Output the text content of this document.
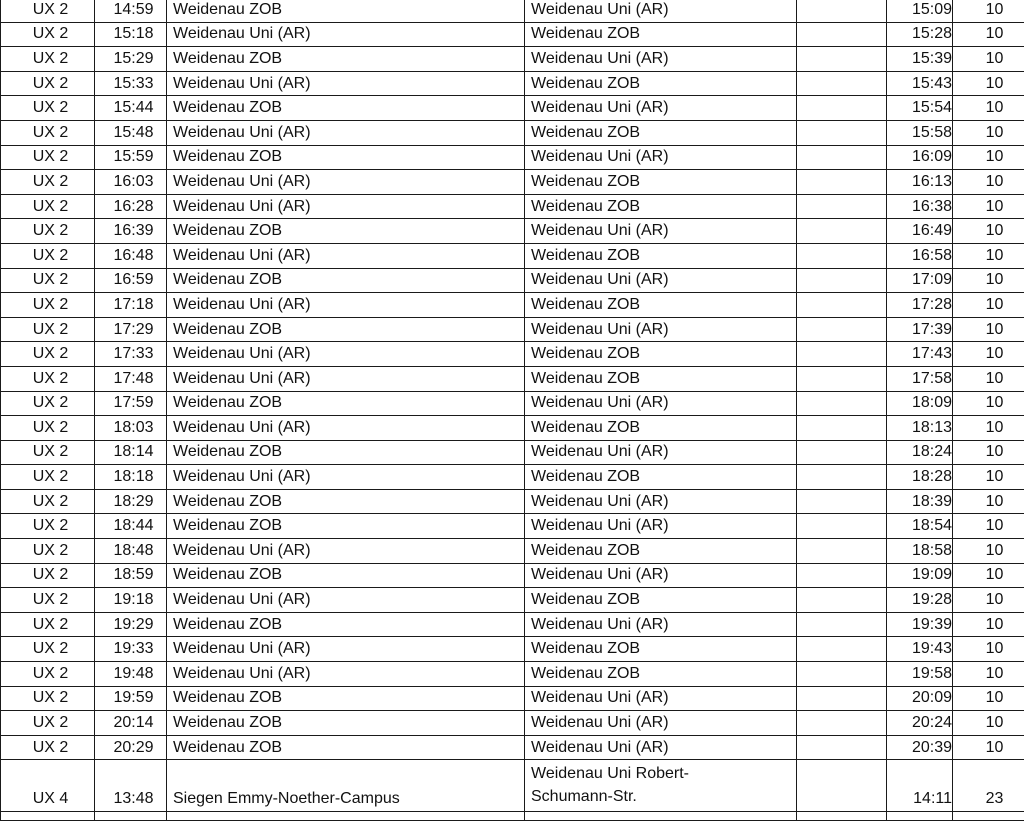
UX 2	14:59	Weidenau ZOB	Weidenau Uni (AR)		15:09	10
UX 2	15:18	Weidenau Uni (AR)	Weidenau ZOB		15:28	10
UX 2	15:29	Weidenau ZOB	Weidenau Uni (AR)		15:39	10
UX 2	15:33	Weidenau Uni (AR)	Weidenau ZOB		15:43	10
UX 2	15:44	Weidenau ZOB	Weidenau Uni (AR)		15:54	10
UX 2	15:48	Weidenau Uni (AR)	Weidenau ZOB		15:58	10
UX 2	15:59	Weidenau ZOB	Weidenau Uni (AR)		16:09	10
UX 2	16:03	Weidenau Uni (AR)	Weidenau ZOB		16:13	10
UX 2	16:28	Weidenau Uni (AR)	Weidenau ZOB		16:38	10
UX 2	16:39	Weidenau ZOB	Weidenau Uni (AR)		16:49	10
UX 2	16:48	Weidenau Uni (AR)	Weidenau ZOB		16:58	10
UX 2	16:59	Weidenau ZOB	Weidenau Uni (AR)		17:09	10
UX 2	17:18	Weidenau Uni (AR)	Weidenau ZOB		17:28	10
UX 2	17:29	Weidenau ZOB	Weidenau Uni (AR)		17:39	10
UX 2	17:33	Weidenau Uni (AR)	Weidenau ZOB		17:43	10
UX 2	17:48	Weidenau Uni (AR)	Weidenau ZOB		17:58	10
UX 2	17:59	Weidenau ZOB	Weidenau Uni (AR)		18:09	10
UX 2	18:03	Weidenau Uni (AR)	Weidenau ZOB		18:13	10
UX 2	18:14	Weidenau ZOB	Weidenau Uni (AR)		18:24	10
UX 2	18:18	Weidenau Uni (AR)	Weidenau ZOB		18:28	10
UX 2	18:29	Weidenau ZOB	Weidenau Uni (AR)		18:39	10
UX 2	18:44	Weidenau ZOB	Weidenau Uni (AR)		18:54	10
UX 2	18:48	Weidenau Uni (AR)	Weidenau ZOB		18:58	10
UX 2	18:59	Weidenau ZOB	Weidenau Uni (AR)		19:09	10
UX 2	19:18	Weidenau Uni (AR)	Weidenau ZOB		19:28	10
UX 2	19:29	Weidenau ZOB	Weidenau Uni (AR)		19:39	10
UX 2	19:33	Weidenau Uni (AR)	Weidenau ZOB		19:43	10
UX 2	19:48	Weidenau Uni (AR)	Weidenau ZOB		19:58	10
UX 2	19:59	Weidenau ZOB	Weidenau Uni (AR)		20:09	10
UX 2	20:14	Weidenau ZOB	Weidenau Uni (AR)		20:24	10
UX 2	20:29	Weidenau ZOB	Weidenau Uni (AR)		20:39	10
UX 4	13:48	Siegen Emmy-Noether-Campus	Weidenau Uni Robert-
Schumann-Str.		14:11	23
